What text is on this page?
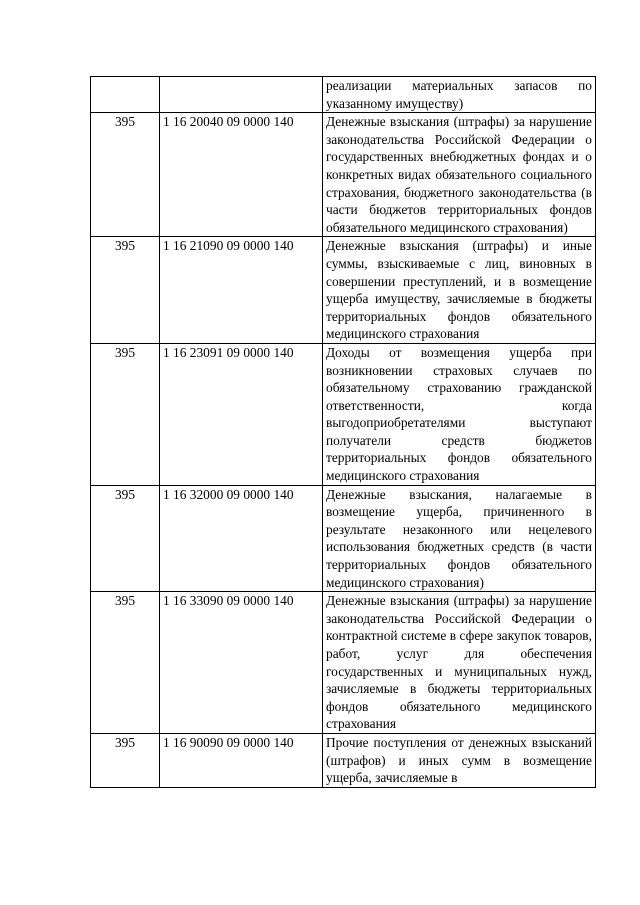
		реализации материальных запасов по указанному имуществу)
395	1 16 20040 09 0000 140	Денежные взыскания (штрафы) за нарушение законодательства Российской Федерации о государственных внебюджетных фондах и о конкретных видах обязательного социального страхования, бюджетного законодательства (в части бюджетов территориальных фондов обязательного медицинского страхования)
395	1 16 21090 09 0000 140	Денежные взыскания (штрафы) и иные суммы, взыскиваемые с лиц, виновных в совершении преступлений, и в возмещение ущерба имуществу, зачисляемые в бюджеты территориальных фондов обязательного медицинского страхования
395	1 16 23091 09 0000 140	Доходы от возмещения ущерба при возникновении страховых случаев по обязательному страхованию гражданской ответственности, когда выгодоприобретателями выступают получатели средств бюджетов территориальных фондов обязательного медицинского страхования
395	1 16 32000 09 0000 140	Денежные взыскания, налагаемые в возмещение ущерба, причиненного в результате незаконного или нецелевого использования бюджетных средств (в части территориальных фондов обязательного медицинского страхования)
395	1 16 33090 09 0000 140	Денежные взыскания (штрафы) за нарушение законодательства Российской Федерации о контрактной системе в сфере закупок товаров, работ, услуг для обеспечения государственных и муниципальных нужд, зачисляемые в бюджеты территориальных фондов обязательного медицинского страхования
395	1 16 90090 09 0000 140	Прочие поступления от денежных взысканий (штрафов) и иных сумм в возмещение ущерба, зачисляемые в
